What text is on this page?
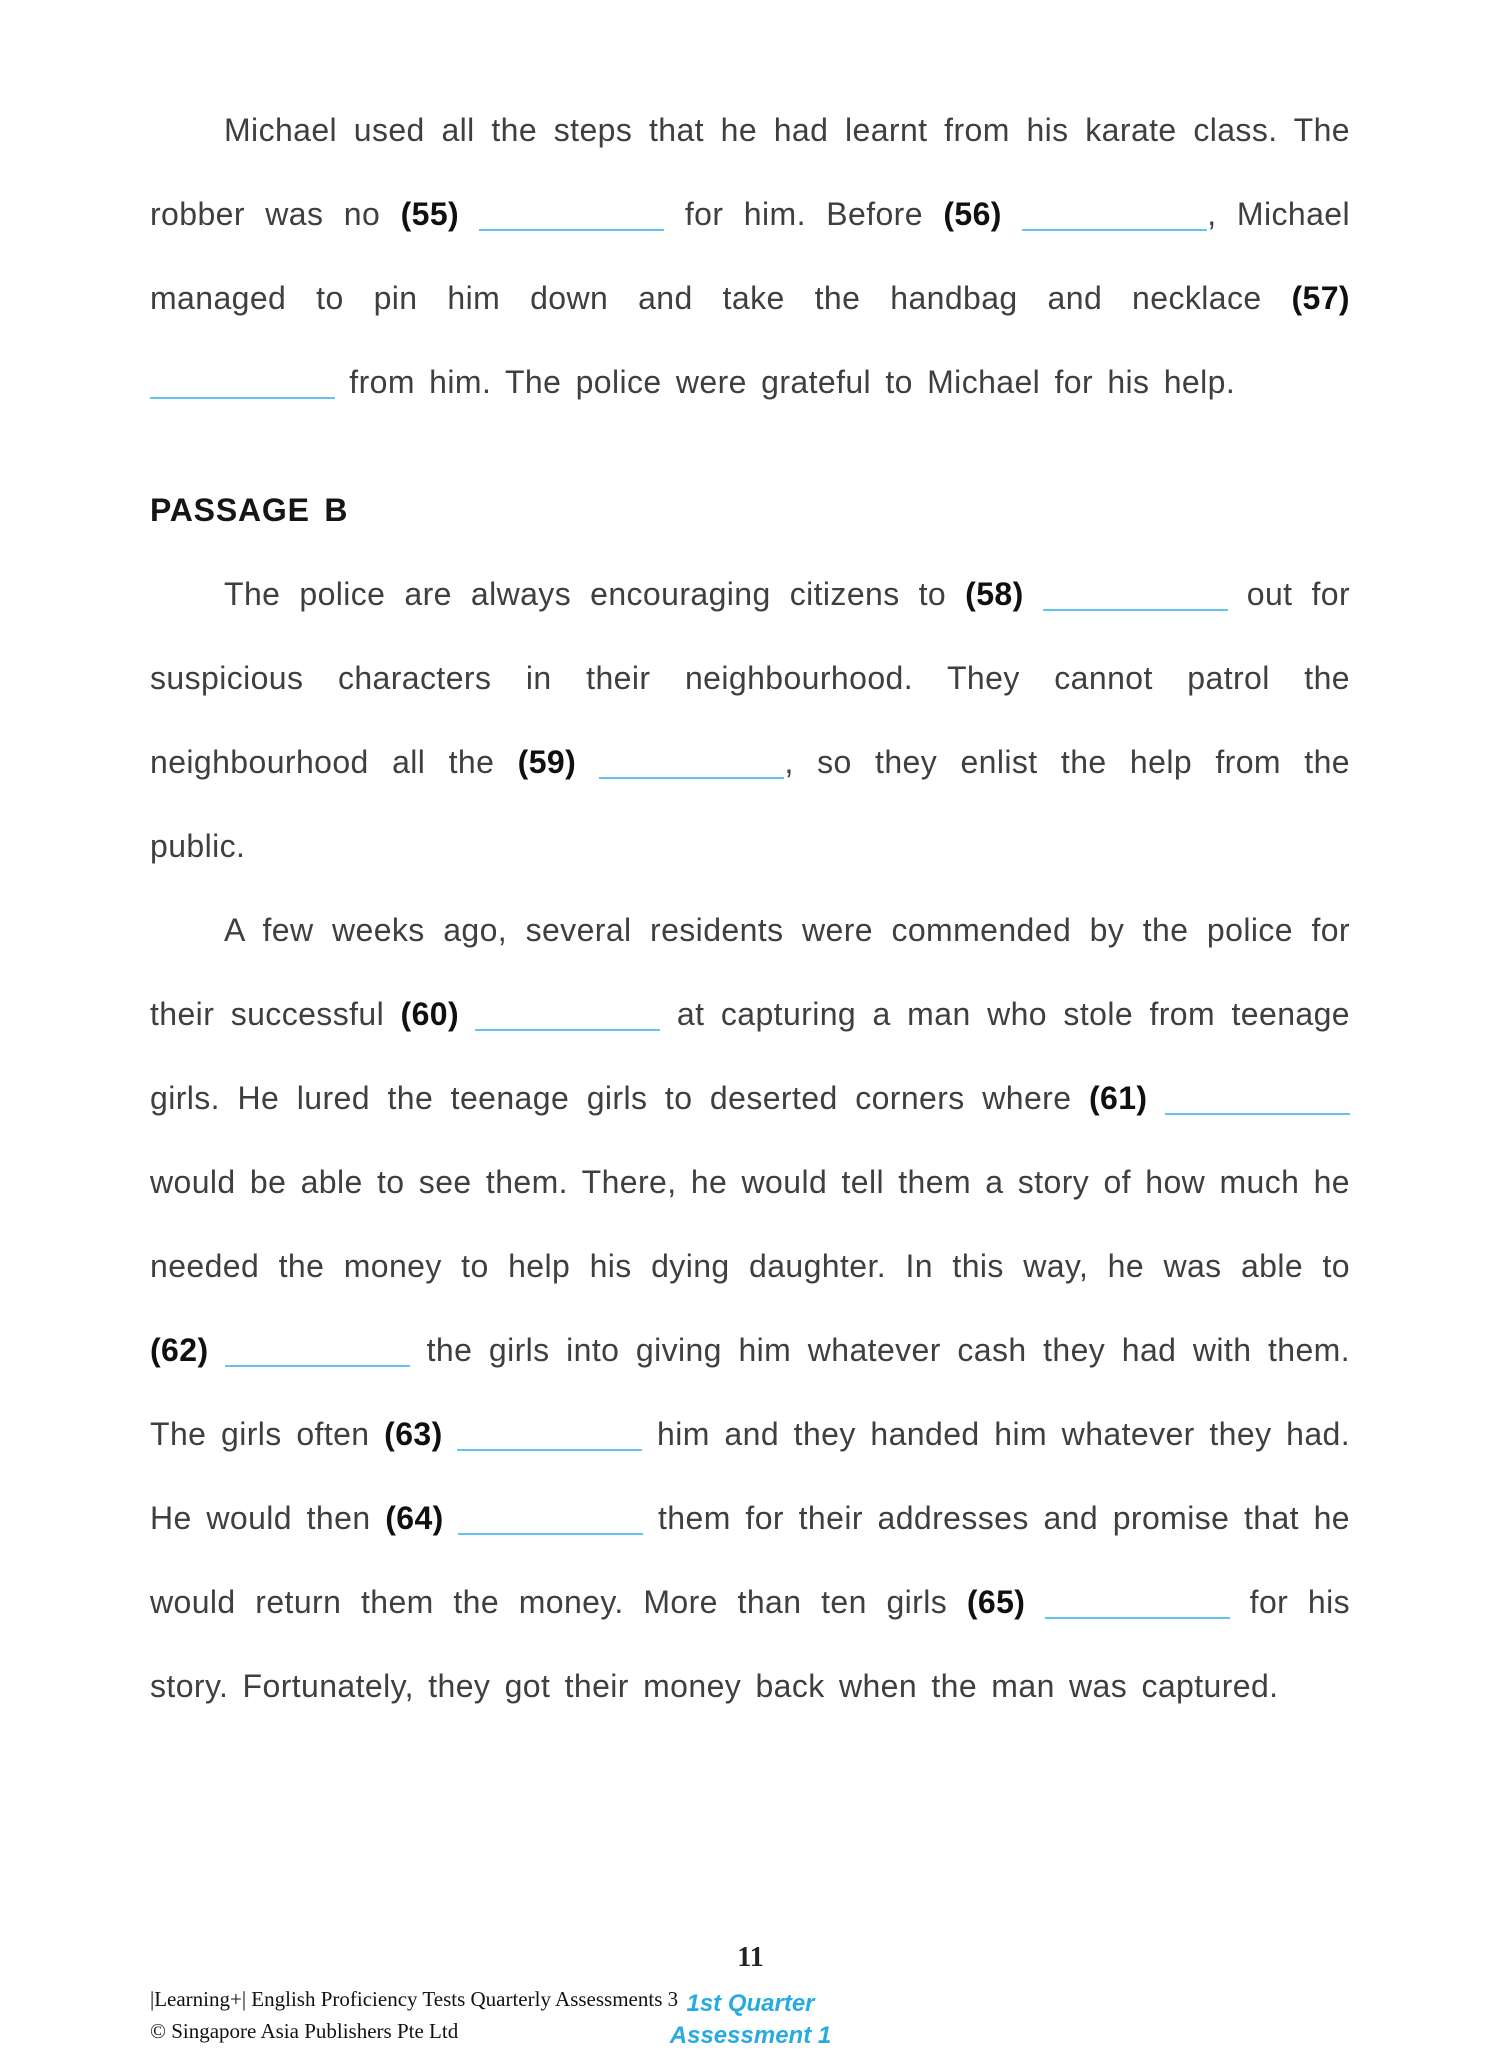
Michael used all the steps that he had learnt from his karate class. The robber was no (55)	for him. Before (56)	, Michael managed to pin him down and take the handbag and necklace (57)  from him. The police were grateful to Michael for his help.

PASSAGE B

The police are always encouraging citizens to (58)	out for suspicious characters in their neighbourhood. They cannot patrol the neighbourhood all the (59)	, so they enlist the help from the public.

A few weeks ago, several residents were commended by the police for their successful (60)	at capturing a man who stole from teenage girls. He lured the teenage girls to deserted corners where (61)  would be able to see them. There, he would tell them a story of how much he needed the money to help his dying daughter. In this way, he was able to (62)	the girls into giving him whatever cash they had with them. The girls often (63)	him and they handed him whatever they had. He would then (64)	them for their addresses and promise that he would return them the money. More than ten girls (65)	for his story. Fortunately, they got their money back when the man was captured.

11
|Learning+| English Proficiency Tests Quarterly Assessments 3
© Singapore Asia Publishers Pte Ltd
1st Quarter
Assessment 1
